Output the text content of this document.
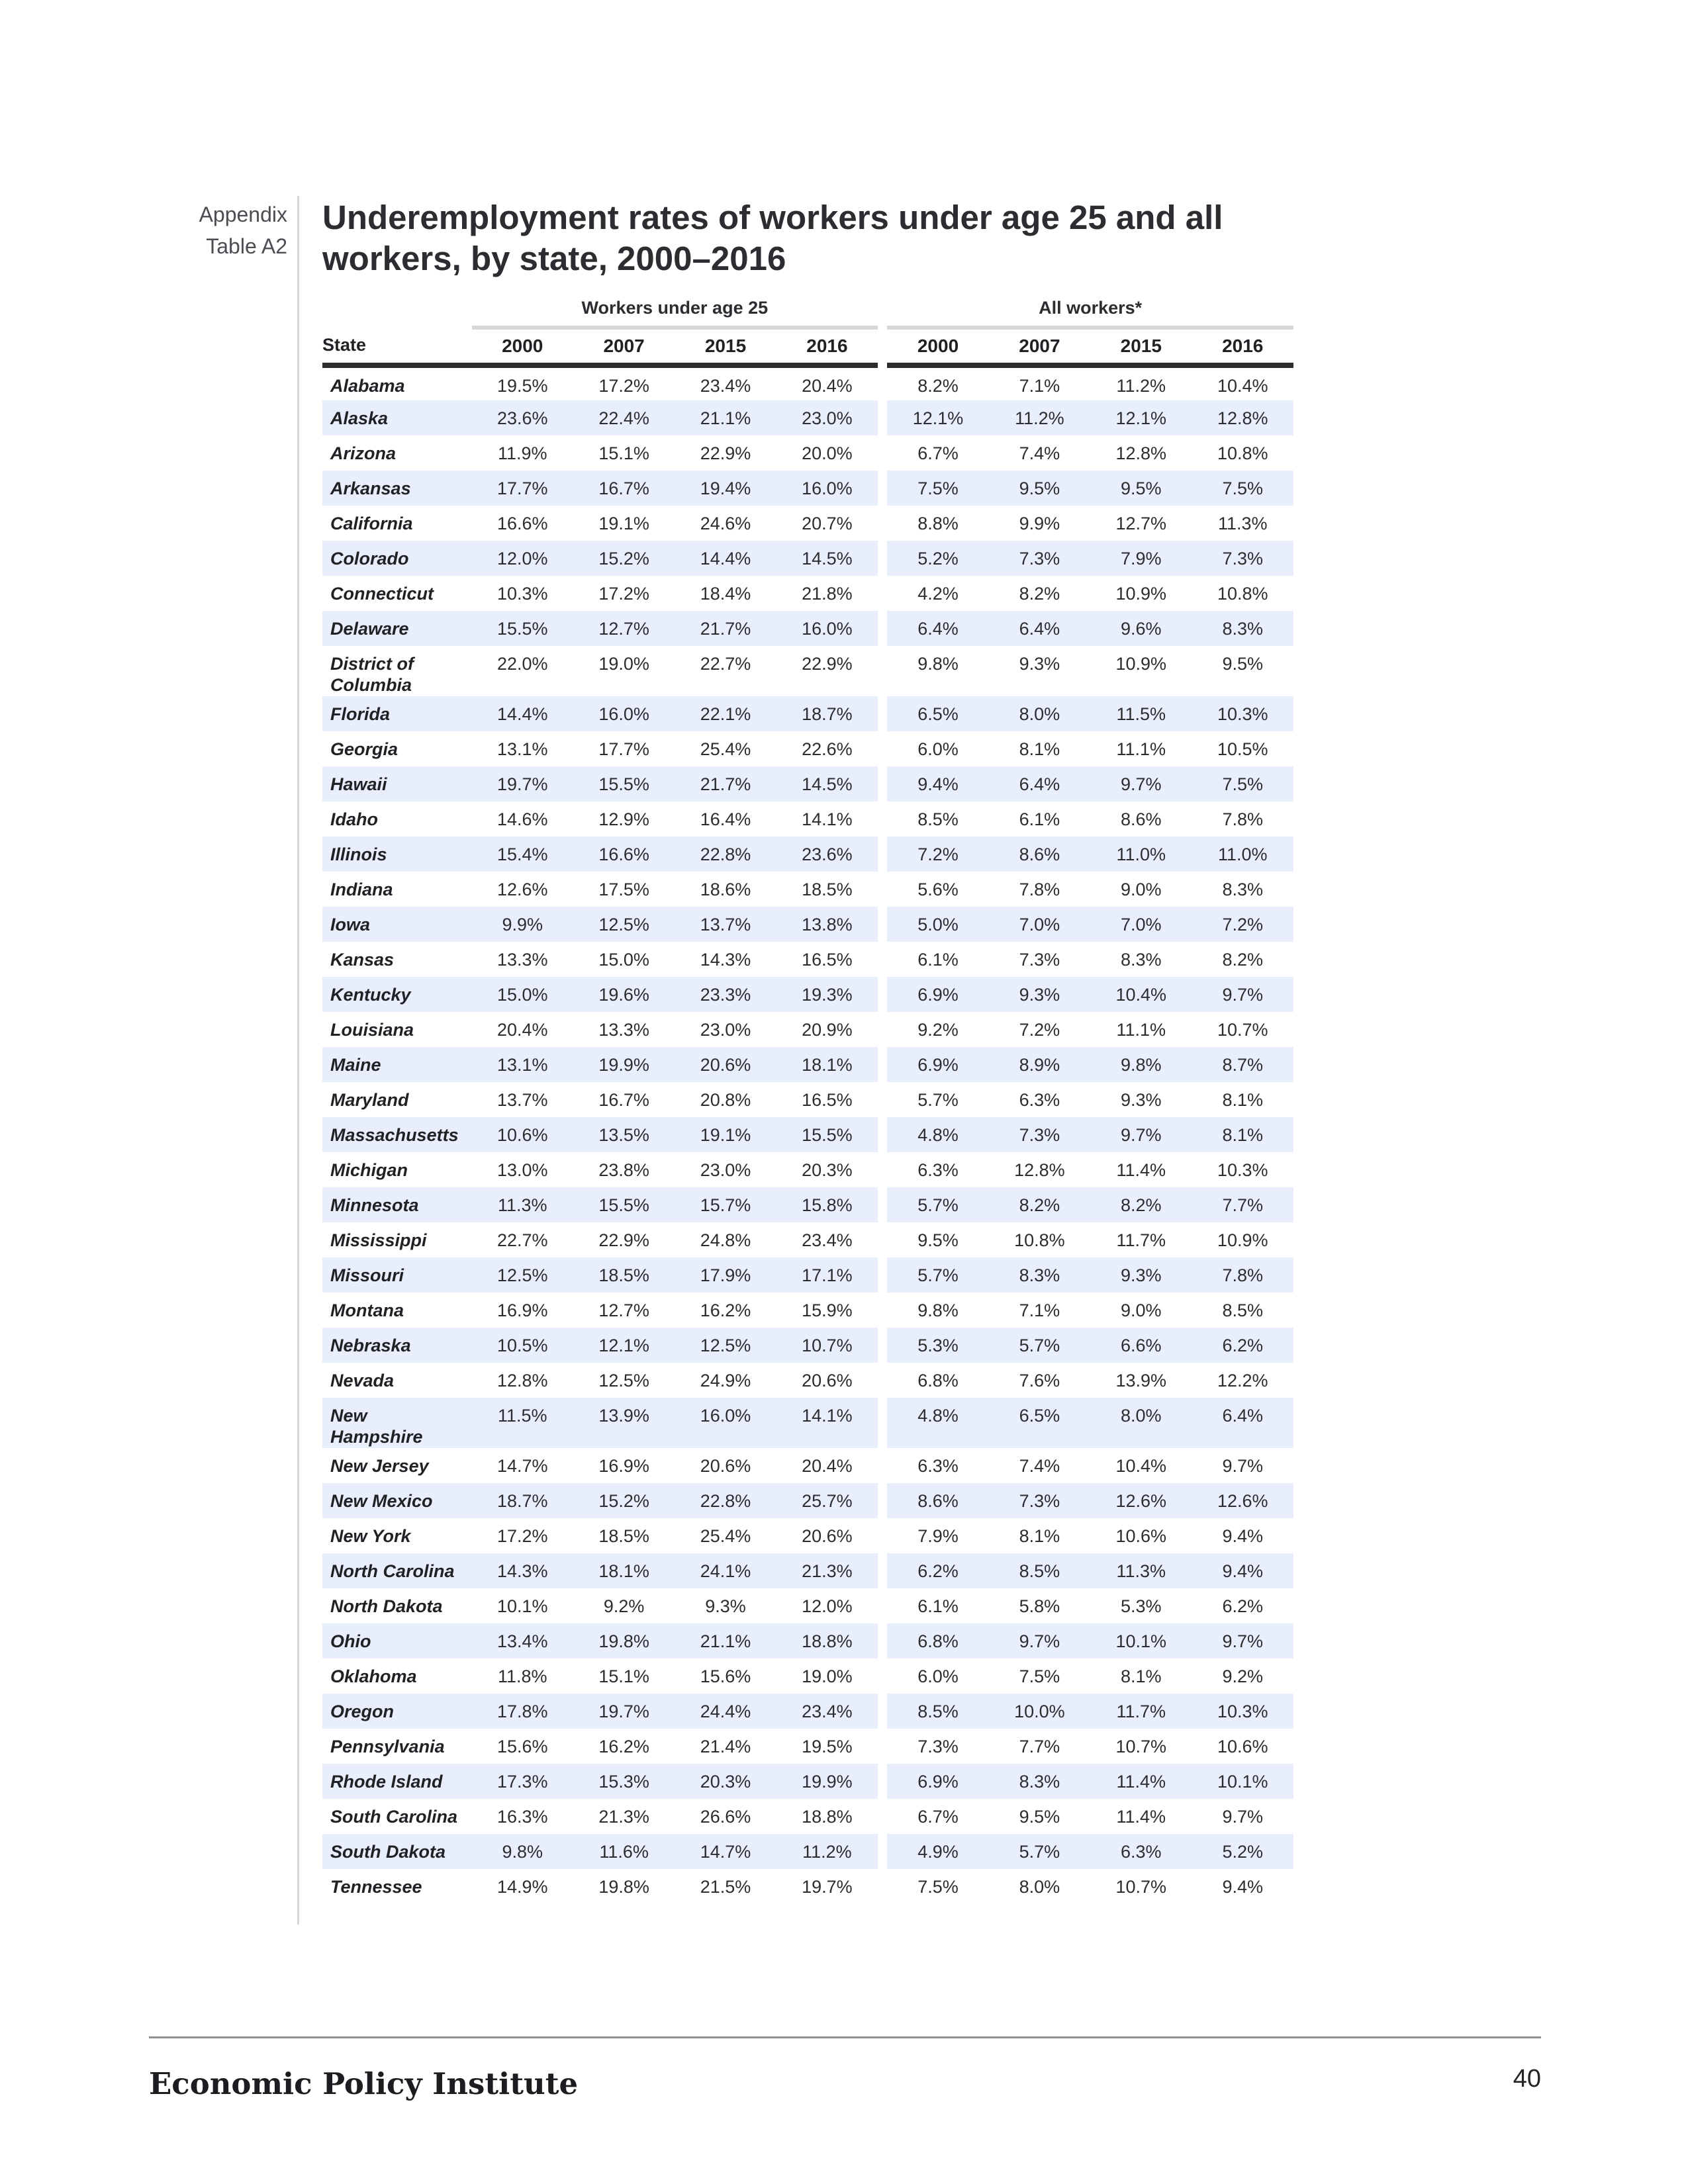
Appendix
Table A2
Underemployment rates of workers under age 25 and all workers, by state, 2000–2016
	Workers under age 25					All workers*			
State	2000	2007	2015	2016		2000	2007	2015	2016
Alabama	19.5%	17.2%	23.4%	20.4%		8.2%	7.1%	11.2%	10.4%
Alaska	23.6%	22.4%	21.1%	23.0%		12.1%	11.2%	12.1%	12.8%
Arizona	11.9%	15.1%	22.9%	20.0%		6.7%	7.4%	12.8%	10.8%
Arkansas	17.7%	16.7%	19.4%	16.0%		7.5%	9.5%	9.5%	7.5%
California	16.6%	19.1%	24.6%	20.7%		8.8%	9.9%	12.7%	11.3%
Colorado	12.0%	15.2%	14.4%	14.5%		5.2%	7.3%	7.9%	7.3%
Connecticut	10.3%	17.2%	18.4%	21.8%		4.2%	8.2%	10.9%	10.8%
Delaware	15.5%	12.7%	21.7%	16.0%		6.4%	6.4%	9.6%	8.3%
District of Columbia	22.0%	19.0%	22.7%	22.9%		9.8%	9.3%	10.9%	9.5%
Florida	14.4%	16.0%	22.1%	18.7%		6.5%	8.0%	11.5%	10.3%
Georgia	13.1%	17.7%	25.4%	22.6%		6.0%	8.1%	11.1%	10.5%
Hawaii	19.7%	15.5%	21.7%	14.5%		9.4%	6.4%	9.7%	7.5%
Idaho	14.6%	12.9%	16.4%	14.1%		8.5%	6.1%	8.6%	7.8%
Illinois	15.4%	16.6%	22.8%	23.6%		7.2%	8.6%	11.0%	11.0%
Indiana	12.6%	17.5%	18.6%	18.5%		5.6%	7.8%	9.0%	8.3%
Iowa	9.9%	12.5%	13.7%	13.8%		5.0%	7.0%	7.0%	7.2%
Kansas	13.3%	15.0%	14.3%	16.5%		6.1%	7.3%	8.3%	8.2%
Kentucky	15.0%	19.6%	23.3%	19.3%		6.9%	9.3%	10.4%	9.7%
Louisiana	20.4%	13.3%	23.0%	20.9%		9.2%	7.2%	11.1%	10.7%
Maine	13.1%	19.9%	20.6%	18.1%		6.9%	8.9%	9.8%	8.7%
Maryland	13.7%	16.7%	20.8%	16.5%		5.7%	6.3%	9.3%	8.1%
Massachusetts	10.6%	13.5%	19.1%	15.5%		4.8%	7.3%	9.7%	8.1%
Michigan	13.0%	23.8%	23.0%	20.3%		6.3%	12.8%	11.4%	10.3%
Minnesota	11.3%	15.5%	15.7%	15.8%		5.7%	8.2%	8.2%	7.7%
Mississippi	22.7%	22.9%	24.8%	23.4%		9.5%	10.8%	11.7%	10.9%
Missouri	12.5%	18.5%	17.9%	17.1%		5.7%	8.3%	9.3%	7.8%
Montana	16.9%	12.7%	16.2%	15.9%		9.8%	7.1%	9.0%	8.5%
Nebraska	10.5%	12.1%	12.5%	10.7%		5.3%	5.7%	6.6%	6.2%
Nevada	12.8%	12.5%	24.9%	20.6%		6.8%	7.6%	13.9%	12.2%
New Hampshire	11.5%	13.9%	16.0%	14.1%		4.8%	6.5%	8.0%	6.4%
New Jersey	14.7%	16.9%	20.6%	20.4%		6.3%	7.4%	10.4%	9.7%
New Mexico	18.7%	15.2%	22.8%	25.7%		8.6%	7.3%	12.6%	12.6%
New York	17.2%	18.5%	25.4%	20.6%		7.9%	8.1%	10.6%	9.4%
North Carolina	14.3%	18.1%	24.1%	21.3%		6.2%	8.5%	11.3%	9.4%
North Dakota	10.1%	9.2%	9.3%	12.0%		6.1%	5.8%	5.3%	6.2%
Ohio	13.4%	19.8%	21.1%	18.8%		6.8%	9.7%	10.1%	9.7%
Oklahoma	11.8%	15.1%	15.6%	19.0%		6.0%	7.5%	8.1%	9.2%
Oregon	17.8%	19.7%	24.4%	23.4%		8.5%	10.0%	11.7%	10.3%
Pennsylvania	15.6%	16.2%	21.4%	19.5%		7.3%	7.7%	10.7%	10.6%
Rhode Island	17.3%	15.3%	20.3%	19.9%		6.9%	8.3%	11.4%	10.1%
South Carolina	16.3%	21.3%	26.6%	18.8%		6.7%	9.5%	11.4%	9.7%
South Dakota	9.8%	11.6%	14.7%	11.2%		4.9%	5.7%	6.3%	5.2%
Tennessee	14.9%	19.8%	21.5%	19.7%		7.5%	8.0%	10.7%	9.4%
Economic Policy Institute	40
